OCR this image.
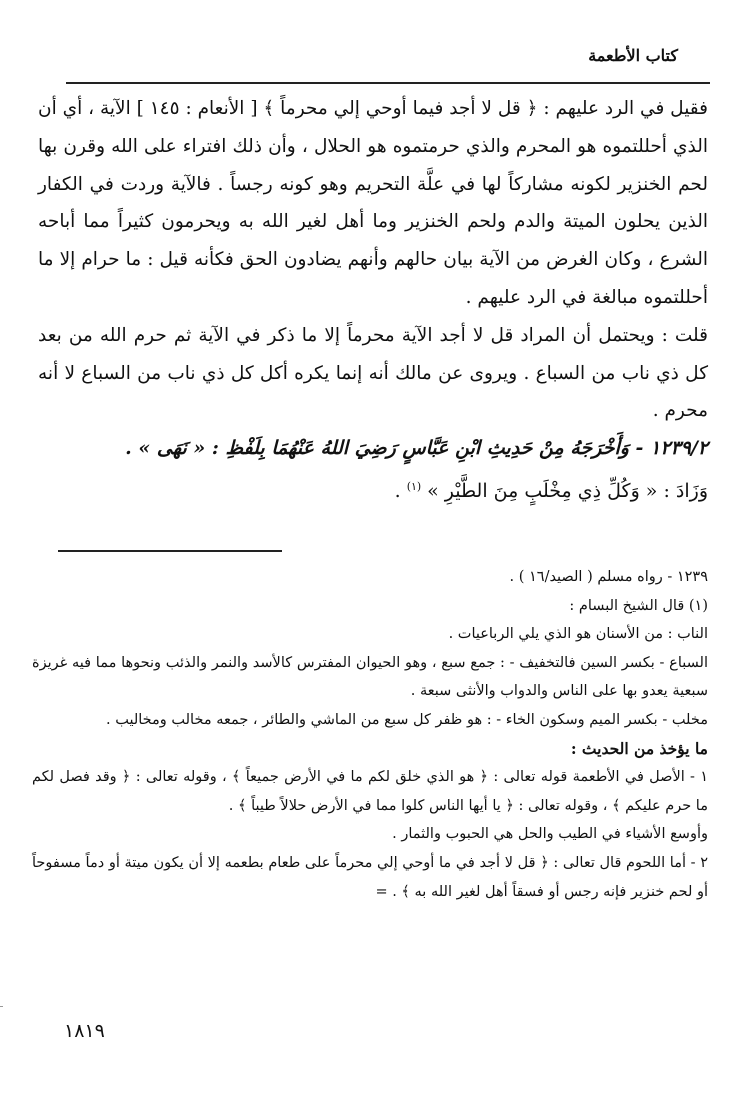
كتاب الأطعمة

فقيل في الرد عليهم : ﴿ قل لا أجد فيما أوحي إلي محرماً ﴾ [ الأنعام : ١٤٥ ] الآية ، أي أن الذي أحللتموه هو المحرم والذي حرمتموه هو الحلال ، وأن ذلك افتراء على الله وقرن بها لحم الخنزير لكونه مشاركاً لها في علَّة التحريم وهو كونه رجساً . فالآية وردت في الكفار الذين يحلون الميتة والدم ولحم الخنزير وما أهل لغير الله به ويحرمون كثيراً مما أباحه الشرع ، وكان الغرض من الآية بيان حالهم وأنهم يضادون الحق فكأنه قيل : ما حرام إلا ما أحللتموه مبالغة في الرد عليهم .

قلت : ويحتمل أن المراد قل لا أجد الآية محرماً إلا ما ذكر في الآية ثم حرم الله من بعد كل ذي ناب من السباع . ويروى عن مالك أنه إنما يكره أكل كل ذي ناب من السباع لا أنه محرم .

١٢٣٩/٢ - وَأَخْرَجَهُ مِنْ حَدِيثِ ابْنِ عَبَّاسٍ رَضِيَ اللهُ عَنْهُمَا بِلَفْظِ : « نَهَى » .
وَزَادَ : « وَكُلِّ ذِي مِخْلَبٍ مِنَ الطَّيْرِ » $^{(١)}$ .

١٢٣٩ - رواه مسلم ( الصيد/١٦ ) .

(١) قال الشيخ البسام :

الناب : من الأسنان هو الذي يلي الرباعيات .

السباع - بكسر السين فالتخفيف - : جمع سبع ، وهو الحيوان المفترس كالأسد والنمر والذئب ونحوها مما فيه غريزة سبعية يعدو بها على الناس والدواب والأنثى سبعة .

مخلب - بكسر الميم وسكون الخاء - : هو ظفر كل سبع من الماشي والطائر ، جمعه مخالب ومخاليب .

ما يؤخذ من الحديث :

١ - الأصل في الأطعمة قوله تعالى : ﴿ هو الذي خلق لكم ما في الأرض جميعاً ﴾ ، وقوله تعالى : ﴿ وقد فصل لكم ما حرم عليكم ﴾ ، وقوله تعالى : ﴿ يا أيها الناس كلوا مما في الأرض حلالاً طيباً ﴾ .

وأوسع الأشياء في الطيب والحل هي الحبوب والثمار .

٢ - أما اللحوم قال تعالى : ﴿ قل لا أجد في ما أوحي إلي محرماً على طعام بطعمه إلا أن يكون ميتة أو دماً مسفوحاً أو لحم خنزير فإنه رجس أو فسقاً أهل لغير الله به ﴾ . =

١٨١٩
